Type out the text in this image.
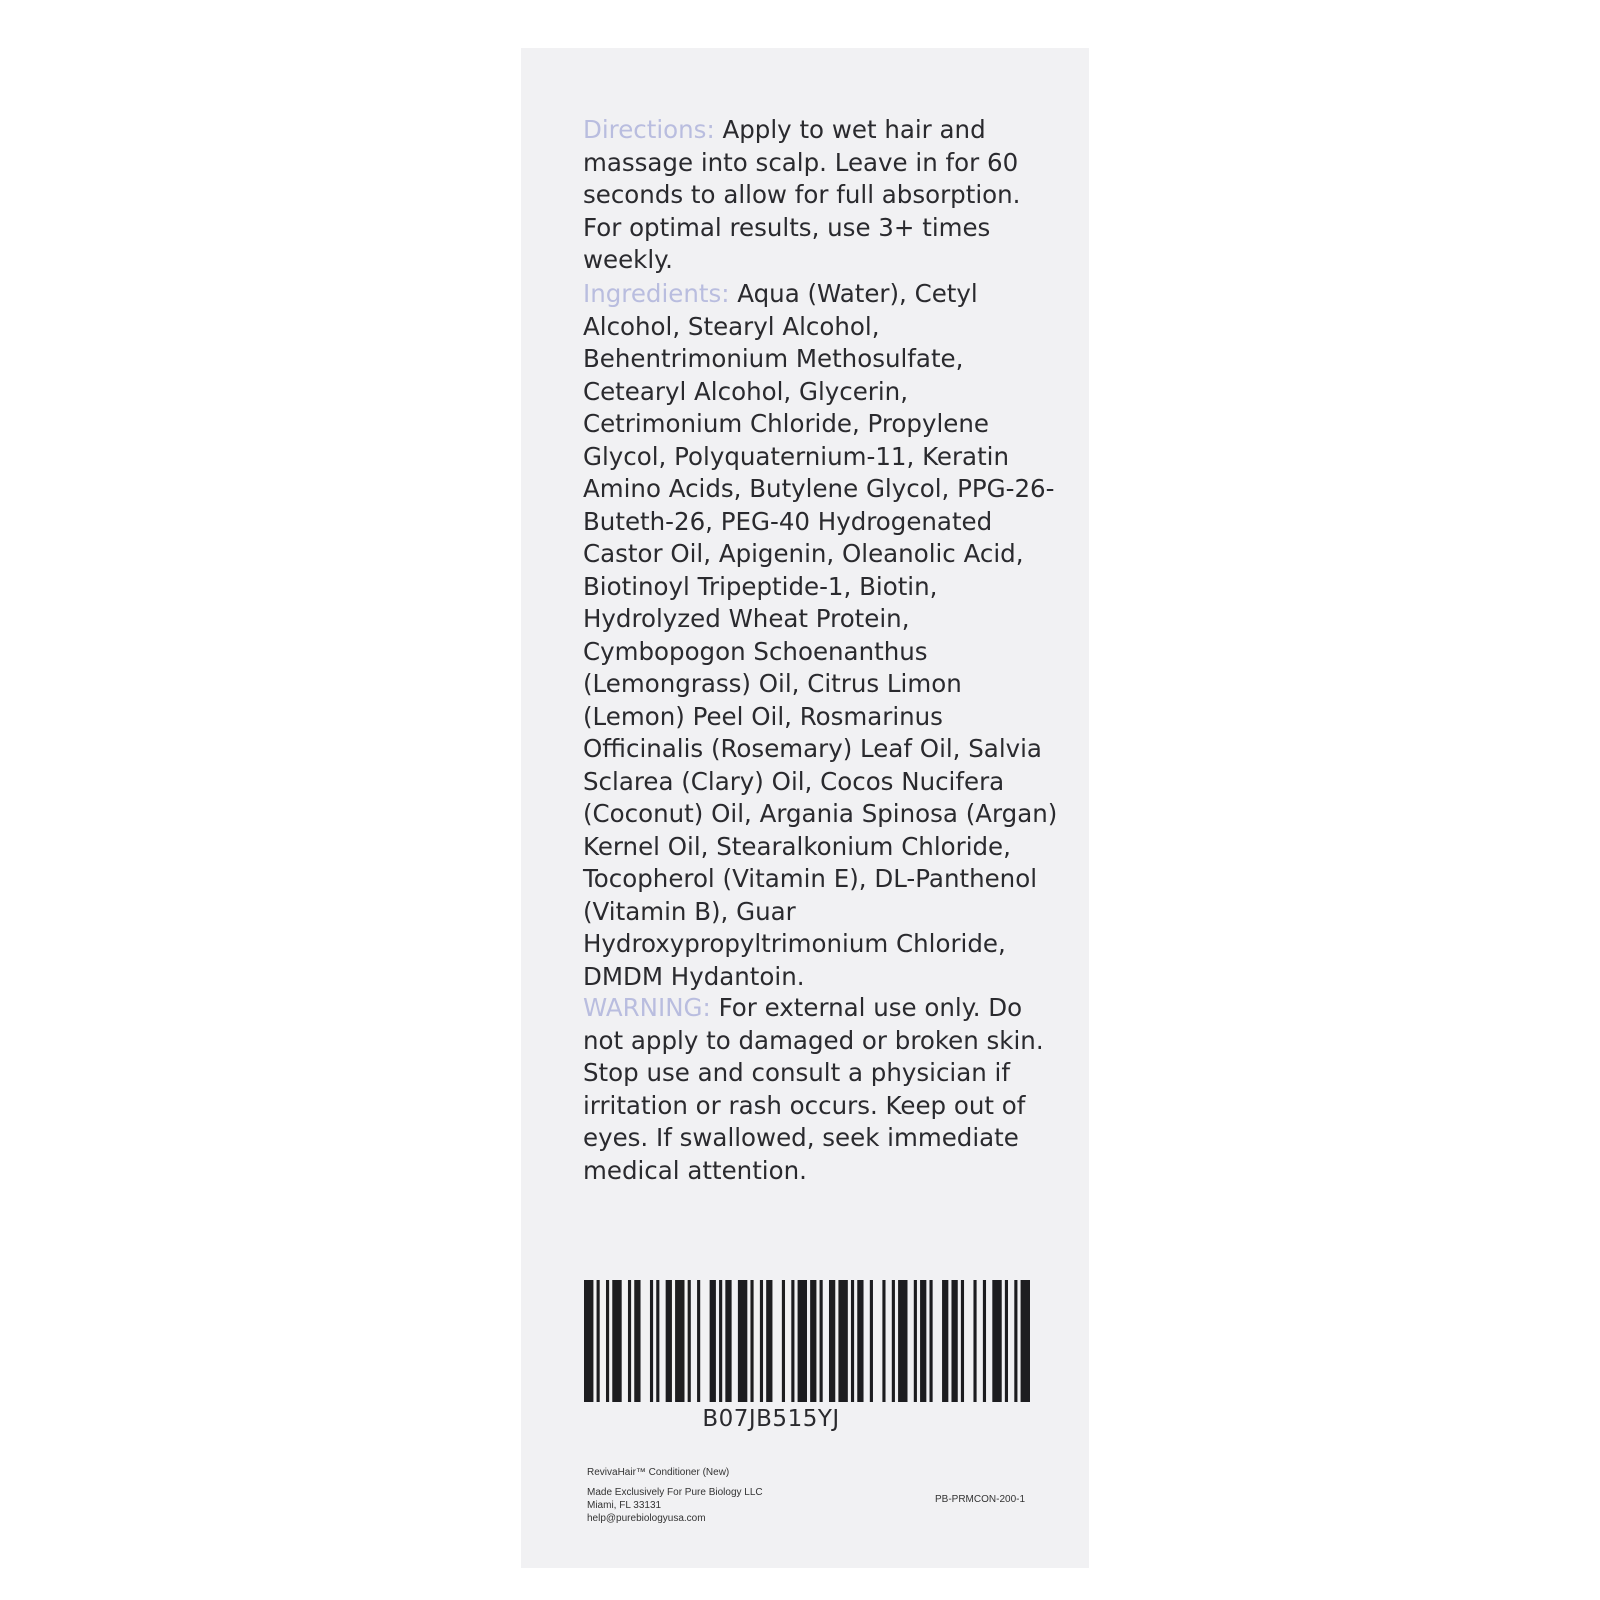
Directions: Apply to wet hair and massage into scalp. Leave in for 60 seconds to allow for full absorption. For optimal results, use 3+ times weekly.

Ingredients: Aqua (Water), Cetyl Alcohol, Stearyl Alcohol, Behentrimonium Methosulfate, Cetearyl Alcohol, Glycerin, Cetrimonium Chloride, Propylene Glycol, Polyquaternium-11, Keratin Amino Acids, Butylene Glycol, PPG-26-Buteth-26, PEG-40 Hydrogenated Castor Oil, Apigenin, Oleanolic Acid, Biotinoyl Tripeptide-1, Biotin, Hydrolyzed Wheat Protein, Cymbopogon Schoenanthus (Lemongrass) Oil, Citrus Limon (Lemon) Peel Oil, Rosmarinus Officinalis (Rosemary) Leaf Oil, Salvia Sclarea (Clary) Oil, Cocos Nucifera (Coconut) Oil, Argania Spinosa (Argan) Kernel Oil, Stearalkonium Chloride, Tocopherol (Vitamin E), DL-Panthenol (Vitamin B), Guar Hydroxypropyltrimonium Chloride, DMDM Hydantoin.

WARNING: For external use only. Do not apply to damaged or broken skin. Stop use and consult a physician if irritation or rash occurs. Keep out of eyes. If swallowed, seek immediate medical attention.

B07JB515YJ
RevivaHair™ Conditioner (New)
Made Exclusively For Pure Biology LLC
Miami, FL 33131
help@purebiologyusa.com
PB-PRMCON-200-1
